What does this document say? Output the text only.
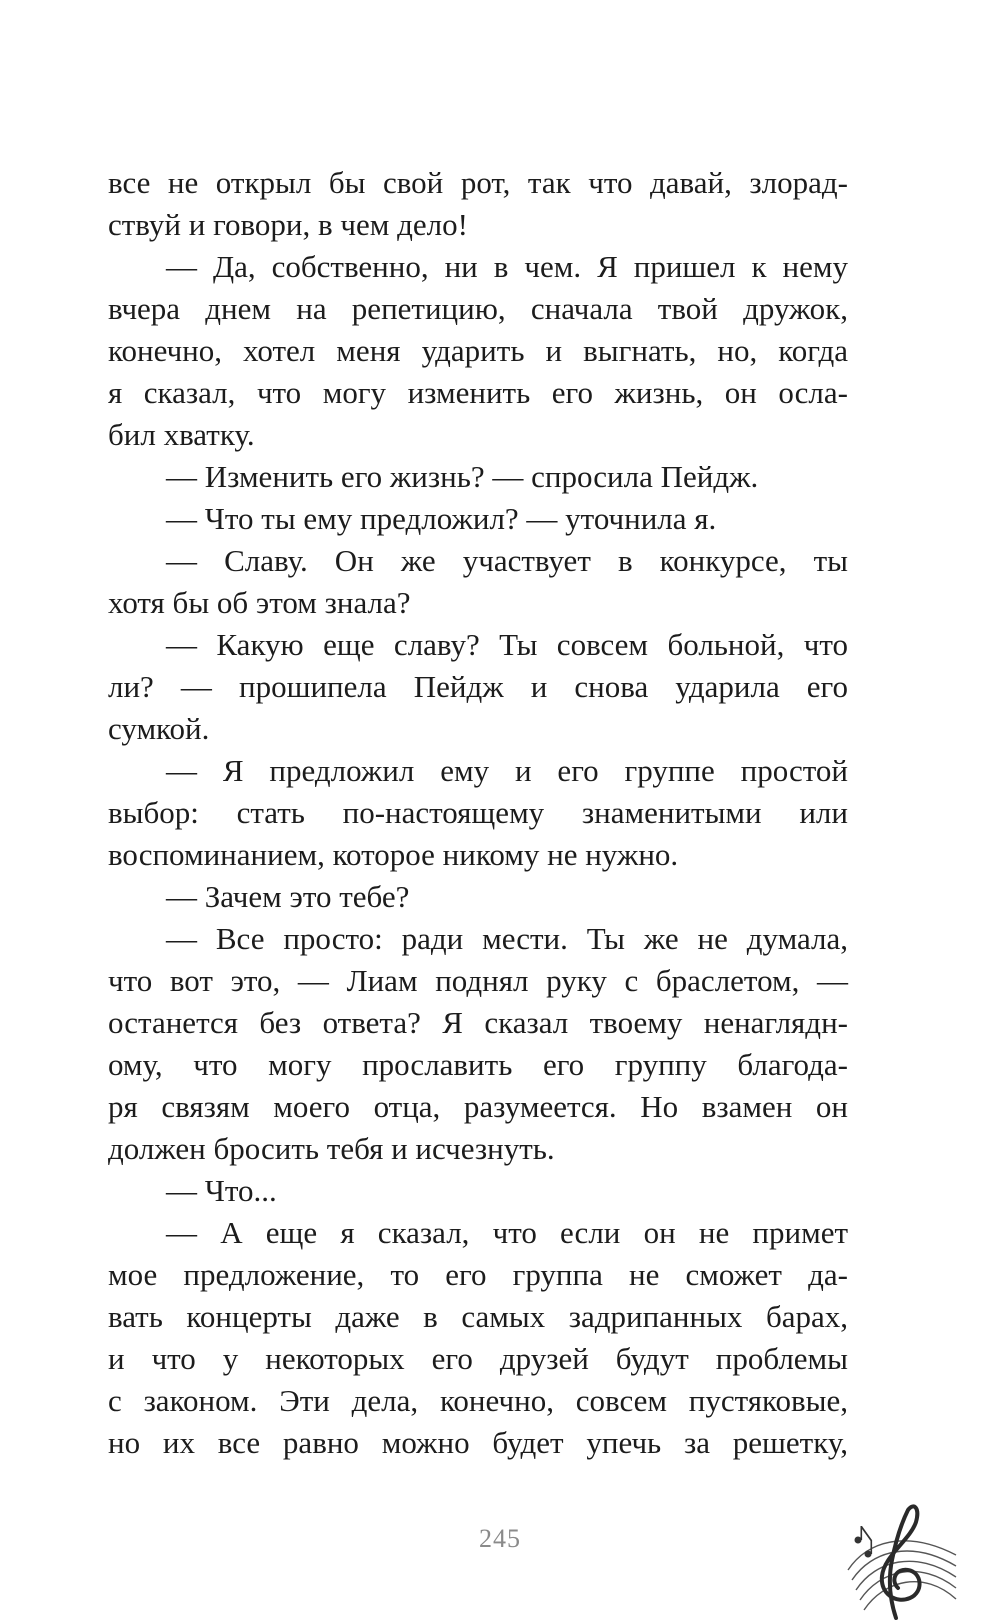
все не открыл бы свой рот, так что давай, злорад-
ствуй и говори, в чем дело!
— Да, собственно, ни в чем. Я пришел к нему
вчера днем на репетицию, сначала твой дружок,
конечно, хотел меня ударить и выгнать, но, когда
я сказал, что могу изменить его жизнь, он осла-
бил хватку.
— Изменить его жизнь? — спросила Пейдж.
— Что ты ему предложил? — уточнила я.
— Славу. Он же участвует в конкурсе, ты
хотя бы об этом знала?
— Какую еще славу? Ты совсем больной, что
ли? — прошипела Пейдж и снова ударила его
сумкой.
— Я предложил ему и его группе простой
выбор: стать по-настоящему знаменитыми или
воспоминанием, которое никому не нужно.
— Зачем это тебе?
— Все просто: ради мести. Ты же не думала,
что вот это, — Лиам поднял руку с браслетом, —
останется без ответа? Я сказал твоему ненаглядн-
ому, что могу прославить его группу благода-
ря связям моего отца, разумеется. Но взамен он
должен бросить тебя и исчезнуть.
— Что...
— А еще я сказал, что если он не примет
мое предложение, то его группа не сможет да-
вать концерты даже в самых задрипанных барах,
и что у некоторых его друзей будут проблемы
с законом. Эти дела, конечно, совсем пустяковые,
но их все равно можно будет упечь за решетку,
245
